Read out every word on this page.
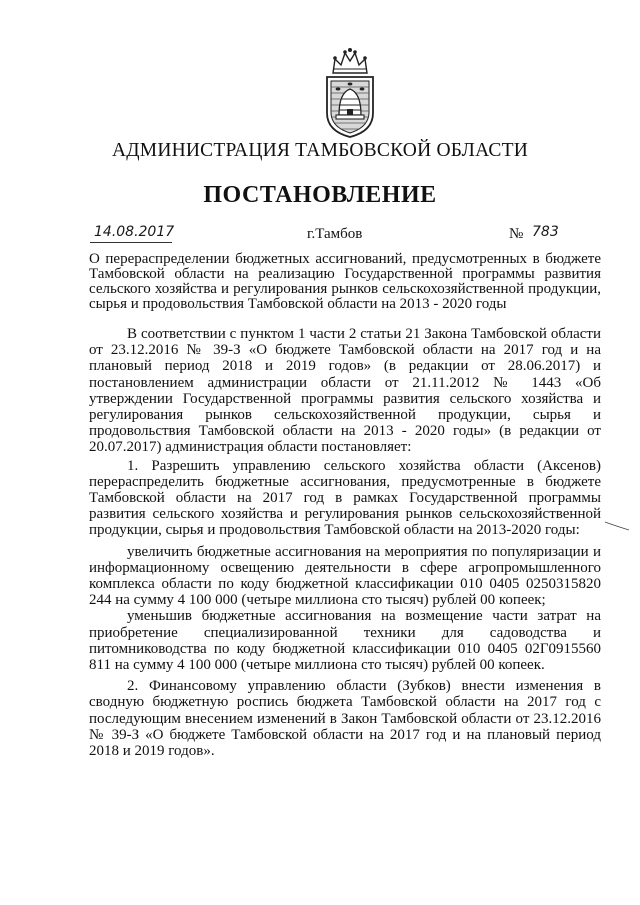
АДМИНИСТРАЦИЯ ТАМБОВСКОЙ ОБЛАСТИ
ПОСТАНОВЛЕНИЕ
14.08.2017	г.Тамбов	№ 783
О перераспределении бюджетных ассигнований, предусмотренных в бюджете Тамбовской области на реализацию Государственной программы развития сельского хозяйства и регулирования рынков сельскохозяйственной продукции, сырья и продовольствия Тамбовской области на 2013 - 2020 годы

В соответствии с пунктом 1 части 2 статьи 21 Закона Тамбовской области от 23.12.2016 № 39-З «О бюджете Тамбовской области на 2017 год и на плановый период 2018 и 2019 годов» (в редакции от 28.06.2017) и постановлением администрации области от 21.11.2012 № 1443 «Об утверждении Государственной программы развития сельского хозяйства и регулирования рынков сельскохозяйственной продукции, сырья и продовольствия Тамбовской области на 2013 - 2020 годы» (в редакции от 20.07.2017) администрация области постановляет:

1. Разрешить управлению сельского хозяйства области (Аксенов) перераспределить бюджетные ассигнования, предусмотренные в бюджете Тамбовской области на 2017 год в рамках Государственной программы развития сельского хозяйства и регулирования рынков сельскохозяйственной продукции, сырья и продовольствия Тамбовской области на 2013-2020 годы:

увеличить бюджетные ассигнования на мероприятия по популяризации и информационному освещению деятельности в сфере агропромышленного комплекса области по коду бюджетной классификации 010 0405 0250315820 244 на сумму 4 100 000 (четыре миллиона сто тысяч) рублей 00 копеек;

уменьшив бюджетные ассигнования на возмещение части затрат на приобретение специализированной техники для садоводства и питомниководства по коду бюджетной классификации 010 0405 02Г0915560 811 на сумму 4 100 000 (четыре миллиона сто тысяч) рублей 00 копеек.

2. Финансовому управлению области (Зубков) внести изменения в сводную бюджетную роспись бюджета Тамбовской области на 2017 год с последующим внесением изменений в Закон Тамбовской области от 23.12.2016 № 39-З «О бюджете Тамбовской области на 2017 год и на плановый период 2018 и 2019 годов».
